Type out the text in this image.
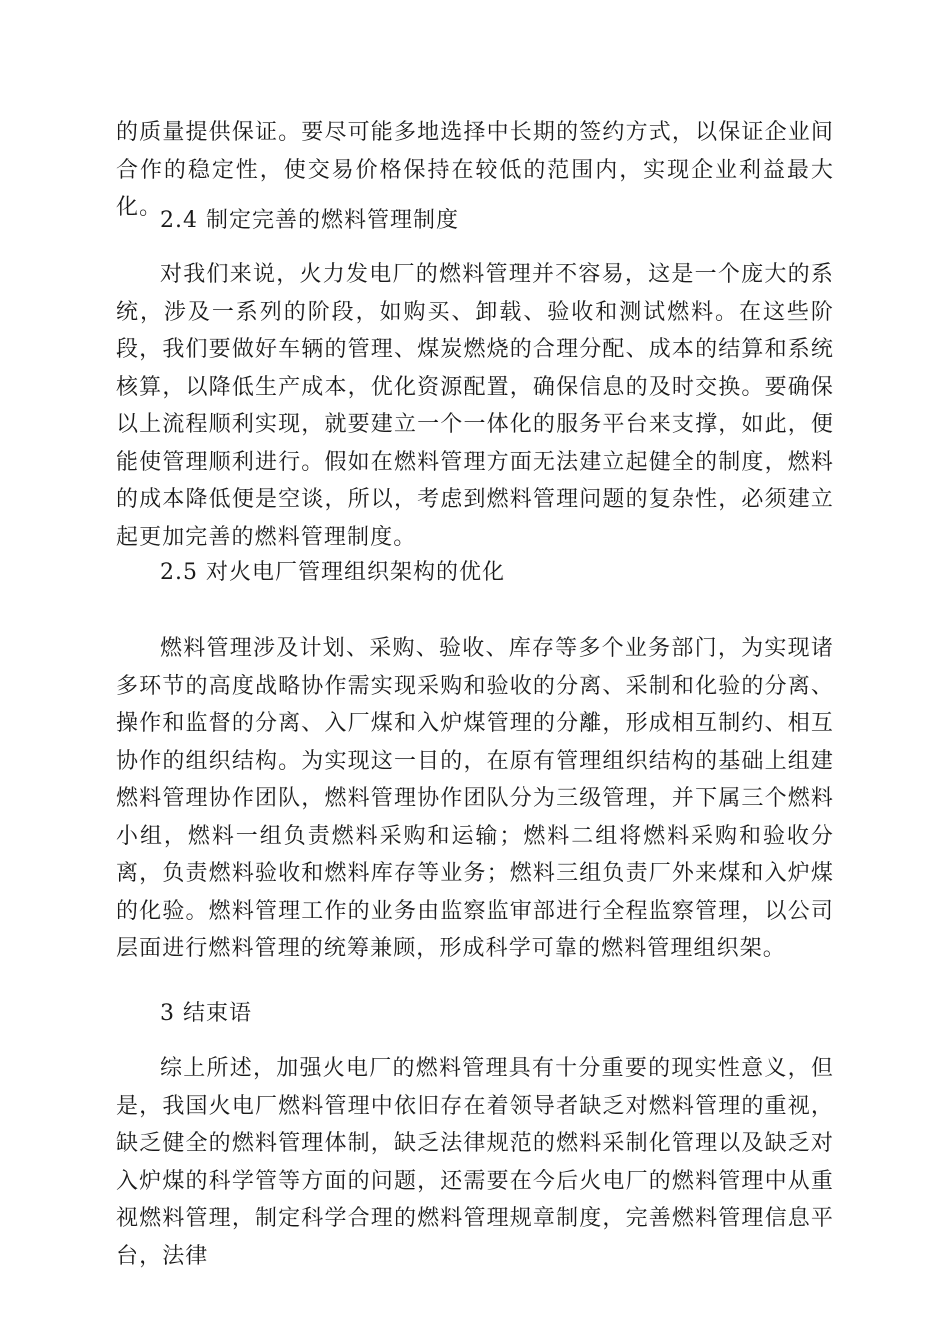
的质量提供保证。要尽可能多地选择中长期的签约方式，以保证企业间合作的稳定性，使交易价格保持在较低的范围内，实现企业利益最大化。

2.4 制定完善的燃料管理制度

对我们来说，火力发电厂的燃料管理并不容易，这是一个庞大的系统，涉及一系列的阶段，如购买、卸载、验收和测试燃料。在这些阶段，我们要做好车辆的管理、煤炭燃烧的合理分配、成本的结算和系统核算，以降低生产成本，优化资源配置，确保信息的及时交换。要确保以上流程顺利实现，就要建立一个一体化的服务平台来支撑，如此，便能使管理顺利进行。假如在燃料管理方面无法建立起健全的制度，燃料的成本降低便是空谈，所以，考虑到燃料管理问题的复杂性，必须建立起更加完善的燃料管理制度。

2.5 对火电厂管理组织架构的优化

燃料管理涉及计划、采购、验收、库存等多个业务部门，为实现诸多环节的高度战略协作需实现采购和验收的分离、采制和化验的分离、操作和监督的分离、入厂煤和入炉煤管理的分離，形成相互制约、相互协作的组织结构。为实现这一目的，在原有管理组织结构的基础上组建燃料管理协作团队，燃料管理协作团队分为三级管理，并下属三个燃料小组，燃料一组负责燃料采购和运输；燃料二组将燃料采购和验收分离，负责燃料验收和燃料库存等业务；燃料三组负责厂外来煤和入炉煤的化验。燃料管理工作的业务由监察监审部进行全程监察管理，以公司层面进行燃料管理的统筹兼顾，形成科学可靠的燃料管理组织架。

3 结束语

综上所述，加强火电厂的燃料管理具有十分重要的现实性意义，但是，我国火电厂燃料管理中依旧存在着领导者缺乏对燃料管理的重视，缺乏健全的燃料管理体制，缺乏法律规范的燃料采制化管理以及缺乏对入炉煤的科学管等方面的问题，还需要在今后火电厂的燃料管理中从重视燃料管理，制定科学合理的燃料管理规章制度，完善燃料管理信息平台，法律
